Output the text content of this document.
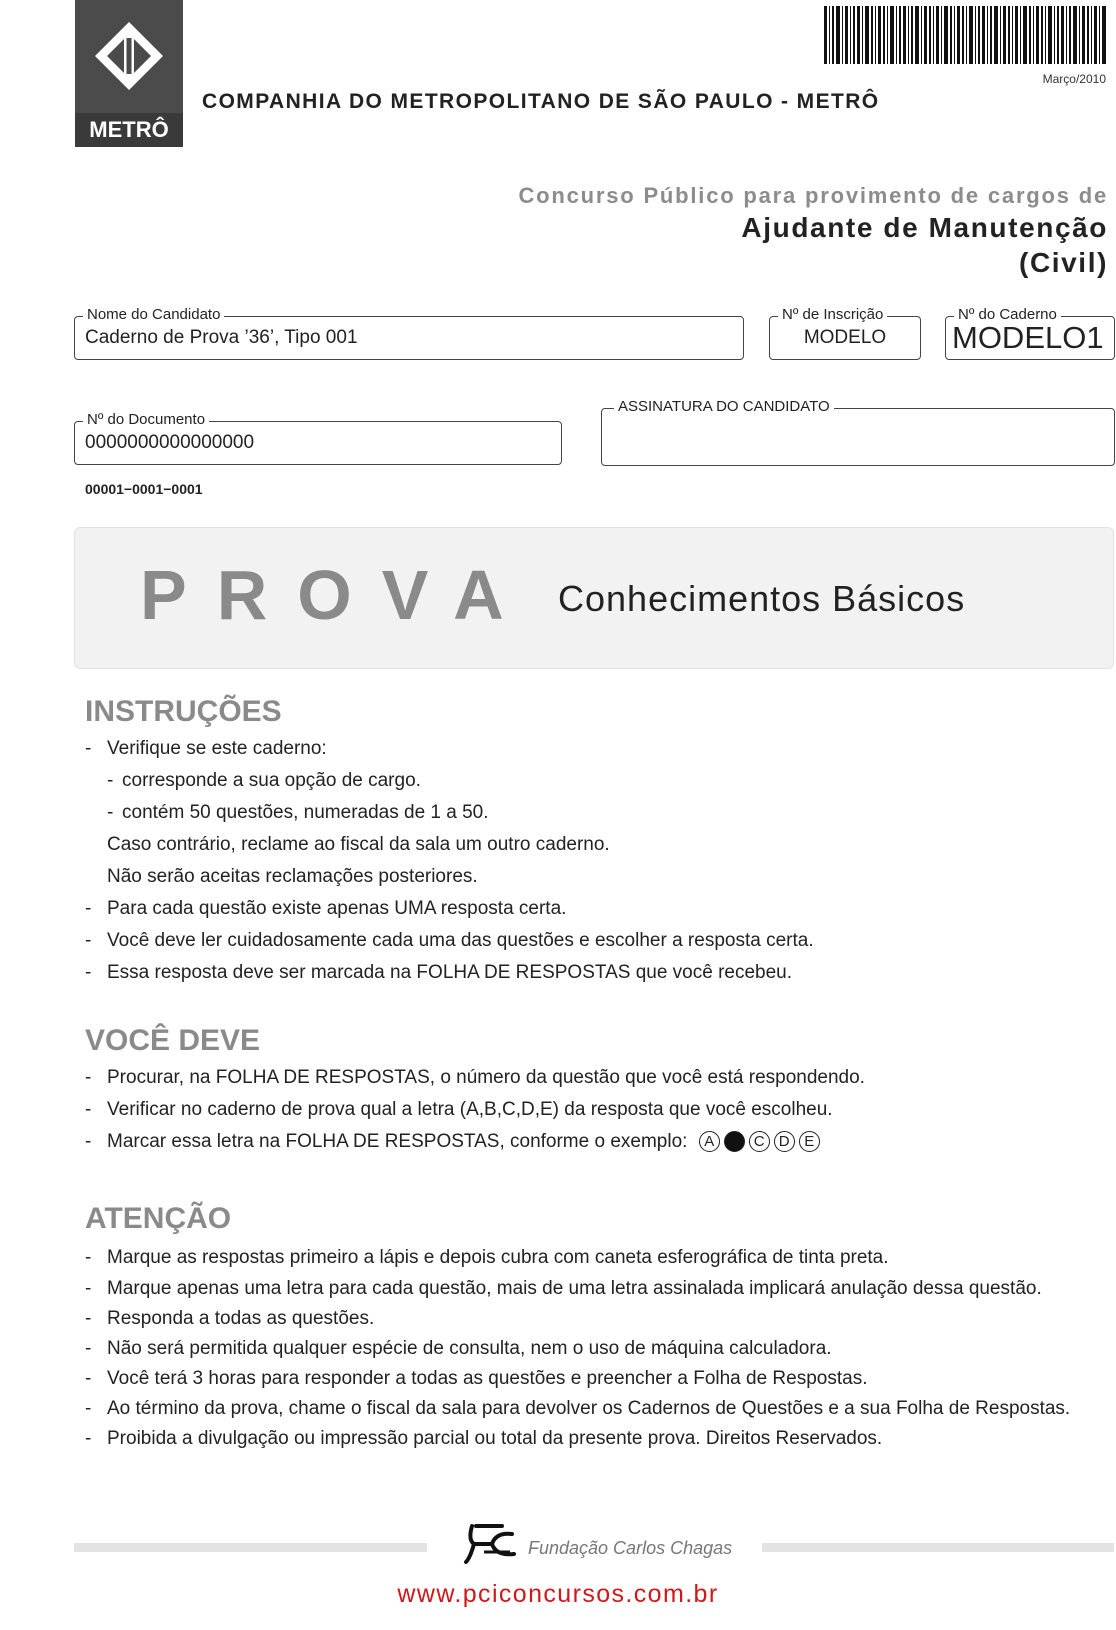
METRÔ
COMPANHIA DO METROPOLITANO DE SÃO PAULO - METRÔ
Março/2010
Concurso Público para provimento de cargos de
Ajudante de Manutenção
(Civil)
Nome do Candidato
Caderno de Prova ’36’, Tipo 001
Nº de Inscrição
MODELO
Nº do Caderno
MODELO1
Nº do Documento
0000000000000000
ASSINATURA DO CANDIDATO
00001−0001−0001
PROVA Conhecimentos Básicos
INSTRUÇÕES
- Verifique se este caderno:
- corresponde a sua opção de cargo.
- contém 50 questões, numeradas de 1 a 50.
Caso contrário, reclame ao fiscal da sala um outro caderno.
Não serão aceitas reclamações posteriores.
- Para cada questão existe apenas UMA resposta certa.
- Você deve ler cuidadosamente cada uma das questões e escolher a resposta certa.
- Essa resposta deve ser marcada na FOLHA DE RESPOSTAS que você recebeu.
VOCÊ DEVE
- Procurar, na FOLHA DE RESPOSTAS, o número da questão que você está respondendo.
- Verificar no caderno de prova qual a letra (A,B,C,D,E) da resposta que você escolheu.
- Marcar essa letra na FOLHA DE RESPOSTAS, conforme o exemplo:	A	C D E
ATENÇÃO
- Marque as respostas primeiro a lápis e depois cubra com caneta esferográfica de tinta preta.
- Marque apenas uma letra para cada questão, mais de uma letra assinalada implicará anulação dessa questão.
- Responda a todas as questões.
- Não será permitida qualquer espécie de consulta, nem o uso de máquina calculadora.
- Você terá 3 horas para responder a todas as questões e preencher a Folha de Respostas.
- Ao término da prova, chame o fiscal da sala para devolver os Cadernos de Questões e a sua Folha de Respostas.
- Proibida a divulgação ou impressão parcial ou total da presente prova. Direitos Reservados.
Fundação Carlos Chagas
www.pciconcursos.com.br
